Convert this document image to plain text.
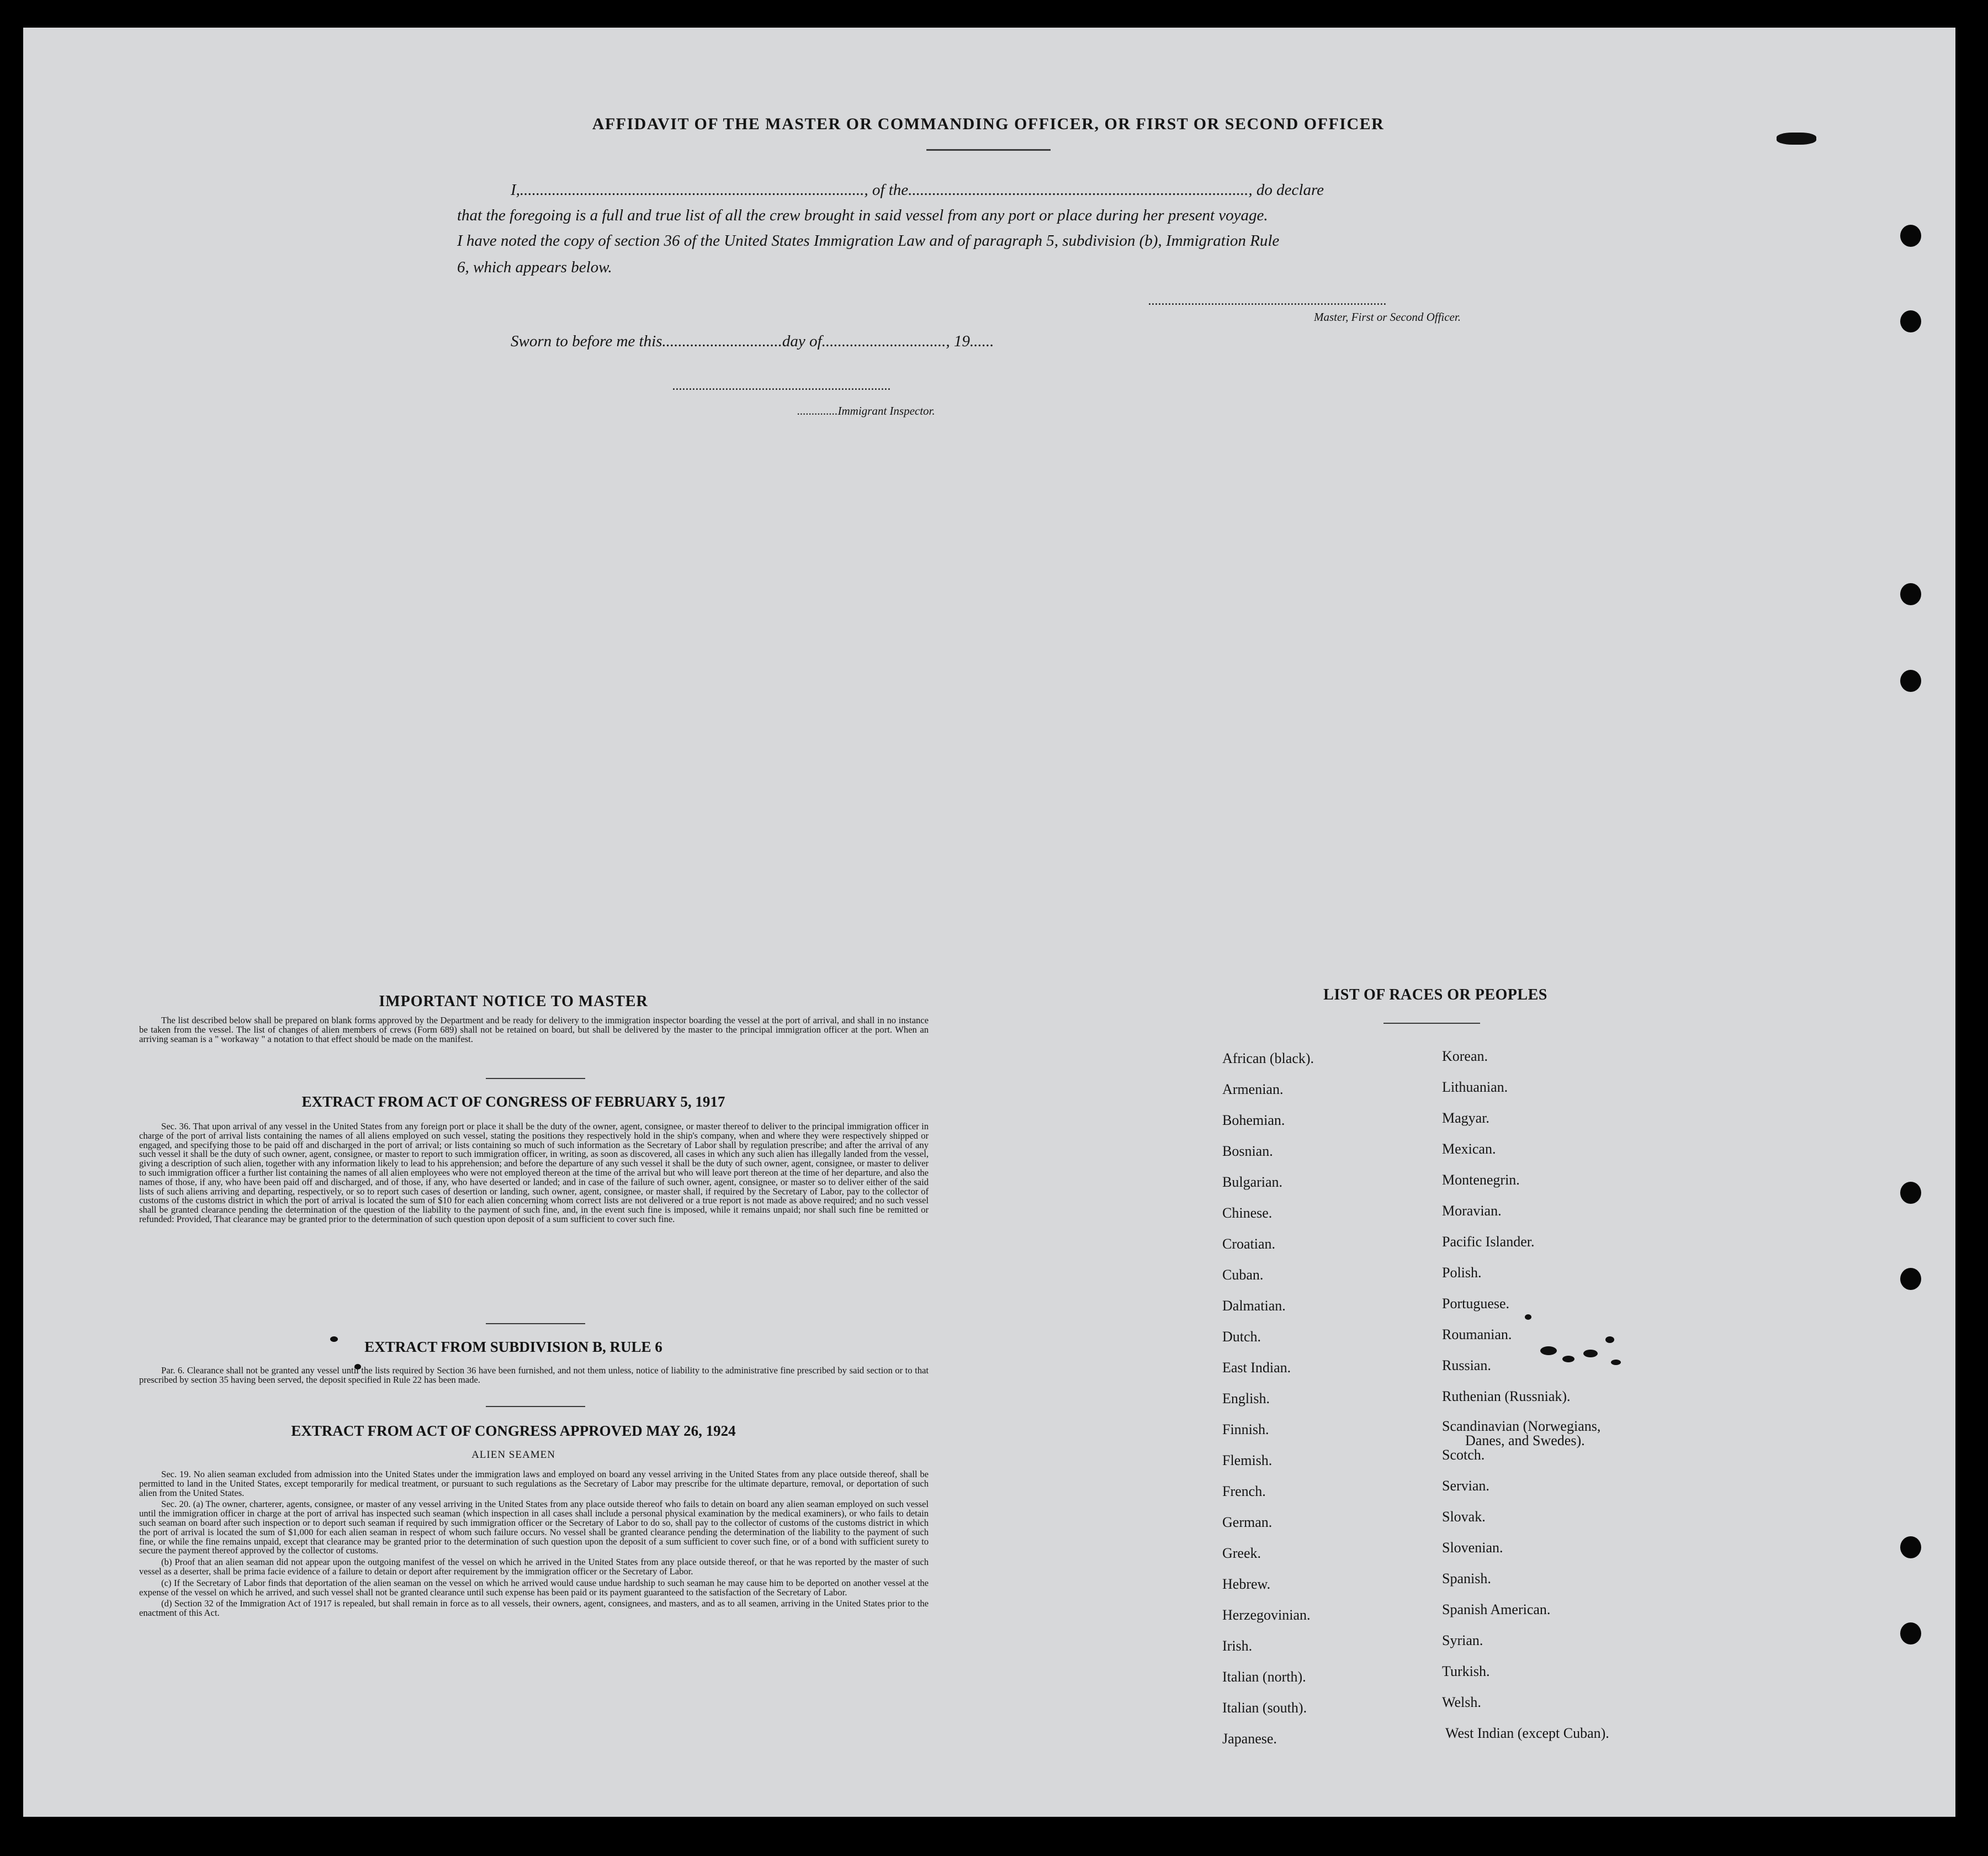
AFFIDAVIT OF THE MASTER OR COMMANDING OFFICER, OR FIRST OR SECOND OFFICER
I,......................................................................................, of the....................................................................................., do declare
that the foregoing is a full and true list of all the crew brought in said vessel from any port or place during her present voyage.
I have noted the copy of section 36 of the United States Immigration Law and of paragraph 5, subdivision (b), Immigration Rule
6, which appears below.
........................................................................
Master, First or Second Officer.
Sworn to before me this..............................day of..............................., 19......
..................................................................
..............Immigrant Inspector.
IMPORTANT NOTICE TO MASTER

The list described below shall be prepared on blank forms approved by the Department and be ready for delivery to the immigration inspector boarding the vessel at the port of arrival, and shall in no instance be taken from the vessel. The list of changes of alien members of crews (Form 689) shall not be retained on board, but shall be delivered by the master to the principal immigration officer at the port. When an arriving seaman is a " workaway " a notation to that effect should be made on the manifest.

EXTRACT FROM ACT OF CONGRESS OF FEBRUARY 5, 1917

Sec. 36. That upon arrival of any vessel in the United States from any foreign port or place it shall be the duty of the owner, agent, consignee, or master thereof to deliver to the principal immigration officer in charge of the port of arrival lists containing the names of all aliens employed on such vessel, stating the positions they respectively hold in the ship's company, when and where they were respectively shipped or engaged, and specifying those to be paid off and discharged in the port of arrival; or lists containing so much of such information as the Secretary of Labor shall by regulation prescribe; and after the arrival of any such vessel it shall be the duty of such owner, agent, consignee, or master to report to such immigration officer, in writing, as soon as discovered, all cases in which any such alien has illegally landed from the vessel, giving a description of such alien, together with any information likely to lead to his apprehension; and before the departure of any such vessel it shall be the duty of such owner, agent, consignee, or master to deliver to such immigration officer a further list containing the names of all alien employees who were not employed thereon at the time of the arrival but who will leave port thereon at the time of her departure, and also the names of those, if any, who have been paid off and discharged, and of those, if any, who have deserted or landed; and in case of the failure of such owner, agent, consignee, or master so to deliver either of the said lists of such aliens arriving and departing, respectively, or so to report such cases of desertion or landing, such owner, agent, consignee, or master shall, if required by the Secretary of Labor, pay to the collector of customs of the customs district in which the port of arrival is located the sum of $10 for each alien concerning whom correct lists are not delivered or a true report is not made as above required; and no such vessel shall be granted clearance pending the determination of the question of the liability to the payment of such fine, and, in the event such fine is imposed, while it remains unpaid; nor shall such fine be remitted or refunded: Provided, That clearance may be granted prior to the determination of such question upon deposit of a sum sufficient to cover such fine.

EXTRACT FROM SUBDIVISION B, RULE 6

Par. 6. Clearance shall not be granted any vessel until the lists required by Section 36 have been furnished, and not them unless, notice of liability to the administrative fine prescribed by said section or to that prescribed by section 35 having been served, the deposit specified in Rule 22 has been made.

EXTRACT FROM ACT OF CONGRESS APPROVED MAY 26, 1924
ALIEN SEAMEN

Sec. 19. No alien seaman excluded from admission into the United States under the immigration laws and employed on board any vessel arriving in the United States from any place outside thereof, shall be permitted to land in the United States, except temporarily for medical treatment, or pursuant to such regulations as the Secretary of Labor may prescribe for the ultimate departure, removal, or deportation of such alien from the United States.

Sec. 20. (a) The owner, charterer, agents, consignee, or master of any vessel arriving in the United States from any place outside thereof who fails to detain on board any alien seaman employed on such vessel until the immigration officer in charge at the port of arrival has inspected such seaman (which inspection in all cases shall include a personal physical examination by the medical examiners), or who fails to detain such seaman on board after such inspection or to deport such seaman if required by such immigration officer or the Secretary of Labor to do so, shall pay to the collector of customs of the customs district in which the port of arrival is located the sum of $1,000 for each alien seaman in respect of whom such failure occurs. No vessel shall be granted clearance pending the determination of the liability to the payment of such fine, or while the fine remains unpaid, except that clearance may be granted prior to the determination of such question upon the deposit of a sum sufficient to cover such fine, or of a bond with sufficient surety to secure the payment thereof approved by the collector of customs.

(b) Proof that an alien seaman did not appear upon the outgoing manifest of the vessel on which he arrived in the United States from any place outside thereof, or that he was reported by the master of such vessel as a deserter, shall be prima facie evidence of a failure to detain or deport after requirement by the immigration officer or the Secretary of Labor.

(c) If the Secretary of Labor finds that deportation of the alien seaman on the vessel on which he arrived would cause undue hardship to such seaman he may cause him to be deported on another vessel at the expense of the vessel on which he arrived, and such vessel shall not be granted clearance until such expense has been paid or its payment guaranteed to the satisfaction of the Secretary of Labor.

(d) Section 32 of the Immigration Act of 1917 is repealed, but shall remain in force as to all vessels, their owners, agent, consignees, and masters, and as to all seamen, arriving in the United States prior to the enactment of this Act.

LIST OF RACES OR PEOPLES
African (black).
Armenian.
Bohemian.
Bosnian.
Bulgarian.
Chinese.
Croatian.
Cuban.
Dalmatian.
Dutch.
East Indian.
English.
Finnish.
Flemish.
French.
German.
Greek.
Hebrew.
Herzegovinian.
Irish.
Italian (north).
Italian (south).
Japanese.
Korean.
Lithuanian.
Magyar.
Mexican.
Montenegrin.
Moravian.
Pacific Islander.
Polish.
Portuguese.
Roumanian.
Russian.
Ruthenian (Russniak).
Scandinavian (Norwegians,
Danes, and Swedes).
Scotch.
Servian.
Slovak.
Slovenian.
Spanish.
Spanish American.
Syrian.
Turkish.
Welsh.
West Indian (except Cuban).
